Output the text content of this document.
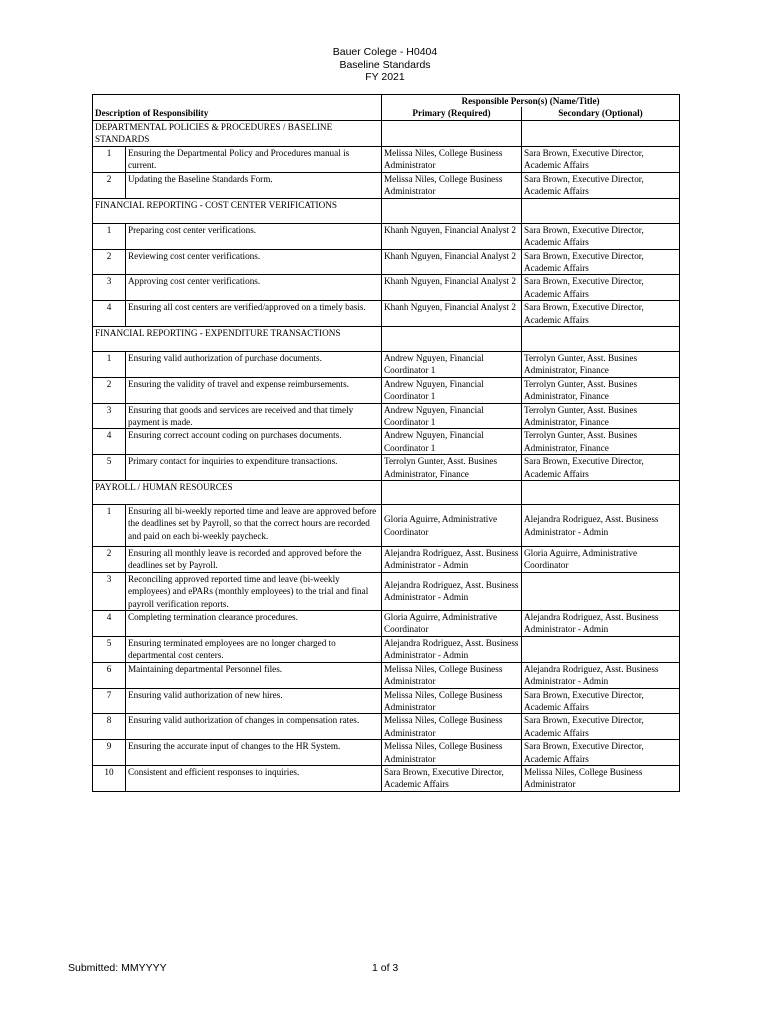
Bauer Colege - H0404
Baseline Standards
FY 2021
		Responsible Person(s) (Name/Title)	
Description of Responsibility		Primary (Required)	Secondary (Optional)
DEPARTMENTAL POLICIES & PROCEDURES / BASELINE STANDARDS			
1	Ensuring the Departmental Policy and Procedures manual is current.	Melissa Niles, College Business Administrator	Sara Brown, Executive Director, Academic Affairs
2	Updating the Baseline Standards Form.	Melissa Niles, College Business Administrator	Sara Brown, Executive Director, Academic Affairs
FINANCIAL REPORTING - COST CENTER VERIFICATIONS			
1	Preparing cost center verifications.	Khanh Nguyen, Financial Analyst 2	Sara Brown, Executive Director, Academic Affairs
2	Reviewing cost center verifications.	Khanh Nguyen, Financial Analyst 2	Sara Brown, Executive Director, Academic Affairs
3	Approving cost center verifications.	Khanh Nguyen, Financial Analyst 2	Sara Brown, Executive Director, Academic Affairs
4	Ensuring all cost centers are verified/approved on a timely basis.	Khanh Nguyen, Financial Analyst 2	Sara Brown, Executive Director, Academic Affairs
FINANCIAL REPORTING - EXPENDITURE TRANSACTIONS			
1	Ensuring valid authorization of purchase documents.	Andrew Nguyen, Financial Coordinator 1	Terrolyn Gunter, Asst. Busines Administrator, Finance
2	Ensuring the validity of travel and expense reimbursements.	Andrew Nguyen, Financial Coordinator 1	Terrolyn Gunter, Asst. Busines Administrator, Finance
3	Ensuring that goods and services are received and that timely payment is made.	Andrew Nguyen, Financial Coordinator 1	Terrolyn Gunter, Asst. Busines Administrator, Finance
4	Ensuring correct account coding on purchases documents.	Andrew Nguyen, Financial Coordinator 1	Terrolyn Gunter, Asst. Busines Administrator, Finance
5	Primary contact for inquiries to expenditure transactions.	Terrolyn Gunter, Asst. Busines Administrator, Finance	Sara Brown, Executive Director, Academic Affairs
PAYROLL / HUMAN RESOURCES			
1	Ensuring all bi-weekly reported time and leave are approved before the deadlines set by Payroll, so that the correct hours are recorded and paid on each bi-weekly paycheck.	Gloria Aguirre, Administrative Coordinator	Alejandra Rodriguez, Asst. Business Administrator - Admin
2	Ensuring all monthly leave is recorded and approved before the deadlines set by Payroll.	Alejandra Rodriguez, Asst. Business Administrator - Admin	Gloria Aguirre, Administrative Coordinator
3	Reconciling approved reported time and leave (bi-weekly employees) and ePARs (monthly employees) to the trial and final payroll verification reports.	Alejandra Rodriguez, Asst. Business Administrator - Admin	
4	Completing termination clearance procedures.	Gloria Aguirre, Administrative Coordinator	Alejandra Rodriguez, Asst. Business Administrator - Admin
5	Ensuring terminated employees are no longer charged to departmental cost centers.	Alejandra Rodriguez, Asst. Business Administrator - Admin	
6	Maintaining departmental Personnel files.	Melissa Niles, College Business Administrator	Alejandra Rodriguez, Asst. Business Administrator - Admin
7	Ensuring valid authorization of new hires.	Melissa Niles, College Business Administrator	Sara Brown, Executive Director, Academic Affairs
8	Ensuring valid authorization of changes in compensation rates.	Melissa Niles, College Business Administrator	Sara Brown, Executive Director, Academic Affairs
9	Ensuring the accurate input of changes to the HR System.	Melissa Niles, College Business Administrator	Sara Brown, Executive Director, Academic Affairs
10	Consistent and efficient responses to inquiries.	Sara Brown, Executive Director, Academic Affairs	Melissa Niles, College Business Administrator
Submitted: MMYYYY	1 of 3
